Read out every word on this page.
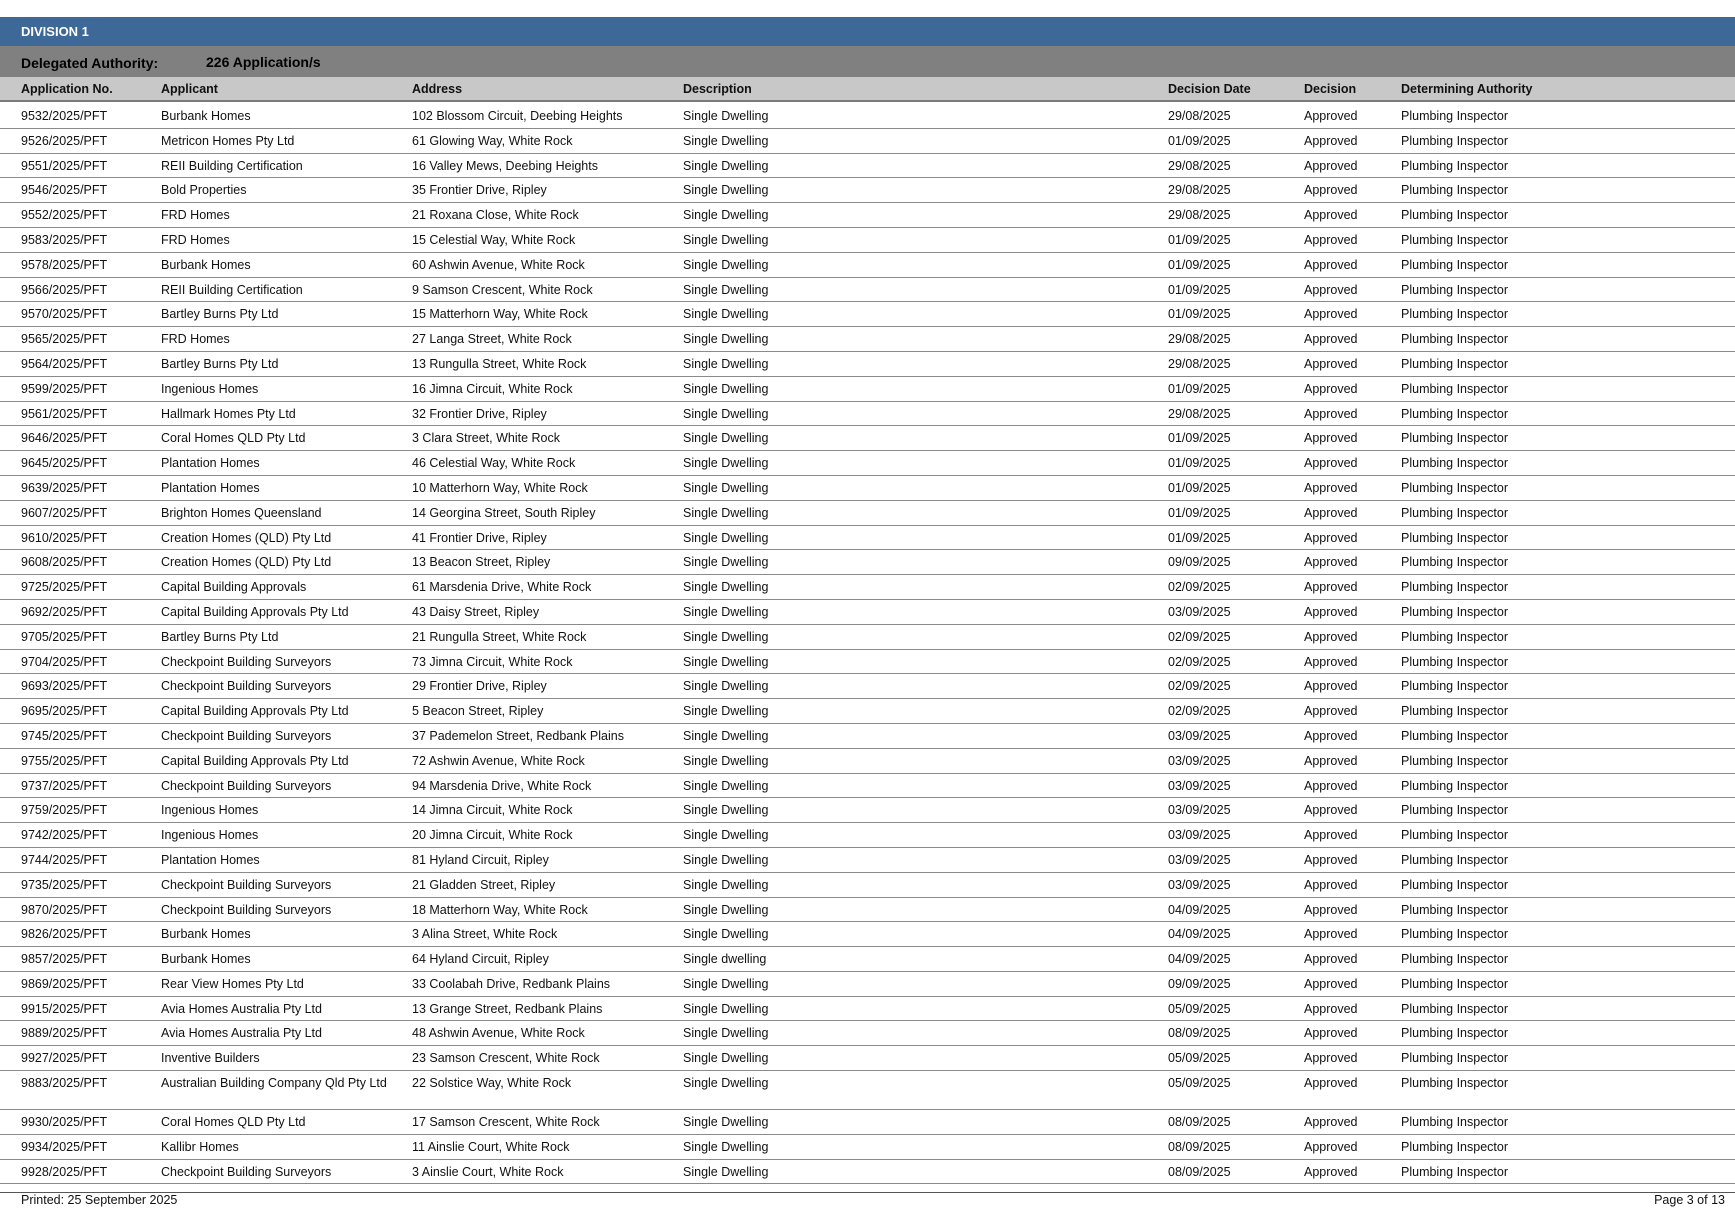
DIVISION 1
Delegated Authority:	226 Application/s
Application No.	Applicant	Address	Description	Decision Date	Decision	Determining Authority
9532/2025/PFT	Burbank Homes	102 Blossom Circuit, Deebing Heights	Single Dwelling	29/08/2025	Approved	Plumbing Inspector
9526/2025/PFT	Metricon Homes Pty Ltd	61 Glowing Way, White Rock	Single Dwelling	01/09/2025	Approved	Plumbing Inspector
9551/2025/PFT	REII Building Certification	16 Valley Mews, Deebing Heights	Single Dwelling	29/08/2025	Approved	Plumbing Inspector
9546/2025/PFT	Bold Properties	35 Frontier Drive, Ripley	Single Dwelling	29/08/2025	Approved	Plumbing Inspector
9552/2025/PFT	FRD Homes	21 Roxana Close, White Rock	Single Dwelling	29/08/2025	Approved	Plumbing Inspector
9583/2025/PFT	FRD Homes	15 Celestial Way, White Rock	Single Dwelling	01/09/2025	Approved	Plumbing Inspector
9578/2025/PFT	Burbank Homes	60 Ashwin Avenue, White Rock	Single Dwelling	01/09/2025	Approved	Plumbing Inspector
9566/2025/PFT	REII Building Certification	9 Samson Crescent, White Rock	Single Dwelling	01/09/2025	Approved	Plumbing Inspector
9570/2025/PFT	Bartley Burns Pty Ltd	15 Matterhorn Way, White Rock	Single Dwelling	01/09/2025	Approved	Plumbing Inspector
9565/2025/PFT	FRD Homes	27 Langa Street, White Rock	Single Dwelling	29/08/2025	Approved	Plumbing Inspector
9564/2025/PFT	Bartley Burns Pty Ltd	13 Rungulla Street, White Rock	Single Dwelling	29/08/2025	Approved	Plumbing Inspector
9599/2025/PFT	Ingenious Homes	16 Jimna Circuit, White Rock	Single Dwelling	01/09/2025	Approved	Plumbing Inspector
9561/2025/PFT	Hallmark Homes Pty Ltd	32 Frontier Drive, Ripley	Single Dwelling	29/08/2025	Approved	Plumbing Inspector
9646/2025/PFT	Coral Homes QLD Pty Ltd	3 Clara Street, White Rock	Single Dwelling	01/09/2025	Approved	Plumbing Inspector
9645/2025/PFT	Plantation Homes	46 Celestial Way, White Rock	Single Dwelling	01/09/2025	Approved	Plumbing Inspector
9639/2025/PFT	Plantation Homes	10 Matterhorn Way, White Rock	Single Dwelling	01/09/2025	Approved	Plumbing Inspector
9607/2025/PFT	Brighton Homes Queensland	14 Georgina Street, South Ripley	Single Dwelling	01/09/2025	Approved	Plumbing Inspector
9610/2025/PFT	Creation Homes (QLD) Pty Ltd	41 Frontier Drive, Ripley	Single Dwelling	01/09/2025	Approved	Plumbing Inspector
9608/2025/PFT	Creation Homes (QLD) Pty Ltd	13 Beacon Street, Ripley	Single Dwelling	09/09/2025	Approved	Plumbing Inspector
9725/2025/PFT	Capital Building Approvals	61 Marsdenia Drive, White Rock	Single Dwelling	02/09/2025	Approved	Plumbing Inspector
9692/2025/PFT	Capital Building Approvals Pty Ltd	43 Daisy Street, Ripley	Single Dwelling	03/09/2025	Approved	Plumbing Inspector
9705/2025/PFT	Bartley Burns Pty Ltd	21 Rungulla Street, White Rock	Single Dwelling	02/09/2025	Approved	Plumbing Inspector
9704/2025/PFT	Checkpoint Building Surveyors	73 Jimna Circuit, White Rock	Single Dwelling	02/09/2025	Approved	Plumbing Inspector
9693/2025/PFT	Checkpoint Building Surveyors	29 Frontier Drive, Ripley	Single Dwelling	02/09/2025	Approved	Plumbing Inspector
9695/2025/PFT	Capital Building Approvals Pty Ltd	5 Beacon Street, Ripley	Single Dwelling	02/09/2025	Approved	Plumbing Inspector
9745/2025/PFT	Checkpoint Building Surveyors	37 Pademelon Street, Redbank Plains	Single Dwelling	03/09/2025	Approved	Plumbing Inspector
9755/2025/PFT	Capital Building Approvals Pty Ltd	72 Ashwin Avenue, White Rock	Single Dwelling	03/09/2025	Approved	Plumbing Inspector
9737/2025/PFT	Checkpoint Building Surveyors	94 Marsdenia Drive, White Rock	Single Dwelling	03/09/2025	Approved	Plumbing Inspector
9759/2025/PFT	Ingenious Homes	14 Jimna Circuit, White Rock	Single Dwelling	03/09/2025	Approved	Plumbing Inspector
9742/2025/PFT	Ingenious Homes	20 Jimna Circuit, White Rock	Single Dwelling	03/09/2025	Approved	Plumbing Inspector
9744/2025/PFT	Plantation Homes	81 Hyland Circuit, Ripley	Single Dwelling	03/09/2025	Approved	Plumbing Inspector
9735/2025/PFT	Checkpoint Building Surveyors	21 Gladden Street, Ripley	Single Dwelling	03/09/2025	Approved	Plumbing Inspector
9870/2025/PFT	Checkpoint Building Surveyors	18 Matterhorn Way, White Rock	Single Dwelling	04/09/2025	Approved	Plumbing Inspector
9826/2025/PFT	Burbank Homes	3 Alina Street, White Rock	Single Dwelling	04/09/2025	Approved	Plumbing Inspector
9857/2025/PFT	Burbank Homes	64 Hyland Circuit, Ripley	Single dwelling	04/09/2025	Approved	Plumbing Inspector
9869/2025/PFT	Rear View Homes Pty Ltd	33 Coolabah Drive, Redbank Plains	Single Dwelling	09/09/2025	Approved	Plumbing Inspector
9915/2025/PFT	Avia Homes Australia Pty Ltd	13 Grange Street, Redbank Plains	Single Dwelling	05/09/2025	Approved	Plumbing Inspector
9889/2025/PFT	Avia Homes Australia Pty Ltd	48 Ashwin Avenue, White Rock	Single Dwelling	08/09/2025	Approved	Plumbing Inspector
9927/2025/PFT	Inventive Builders	23 Samson Crescent, White Rock	Single Dwelling	05/09/2025	Approved	Plumbing Inspector
9883/2025/PFT	Australian Building Company Qld Pty Ltd	22 Solstice Way, White Rock	Single Dwelling	05/09/2025	Approved	Plumbing Inspector
9930/2025/PFT	Coral Homes QLD Pty Ltd	17 Samson Crescent, White Rock	Single Dwelling	08/09/2025	Approved	Plumbing Inspector
9934/2025/PFT	Kallibr Homes	11 Ainslie Court, White Rock	Single Dwelling	08/09/2025	Approved	Plumbing Inspector
9928/2025/PFT	Checkpoint Building Surveyors	3 Ainslie Court, White Rock	Single Dwelling	08/09/2025	Approved	Plumbing Inspector
Printed: 25 September 2025	Page 3 of 13
